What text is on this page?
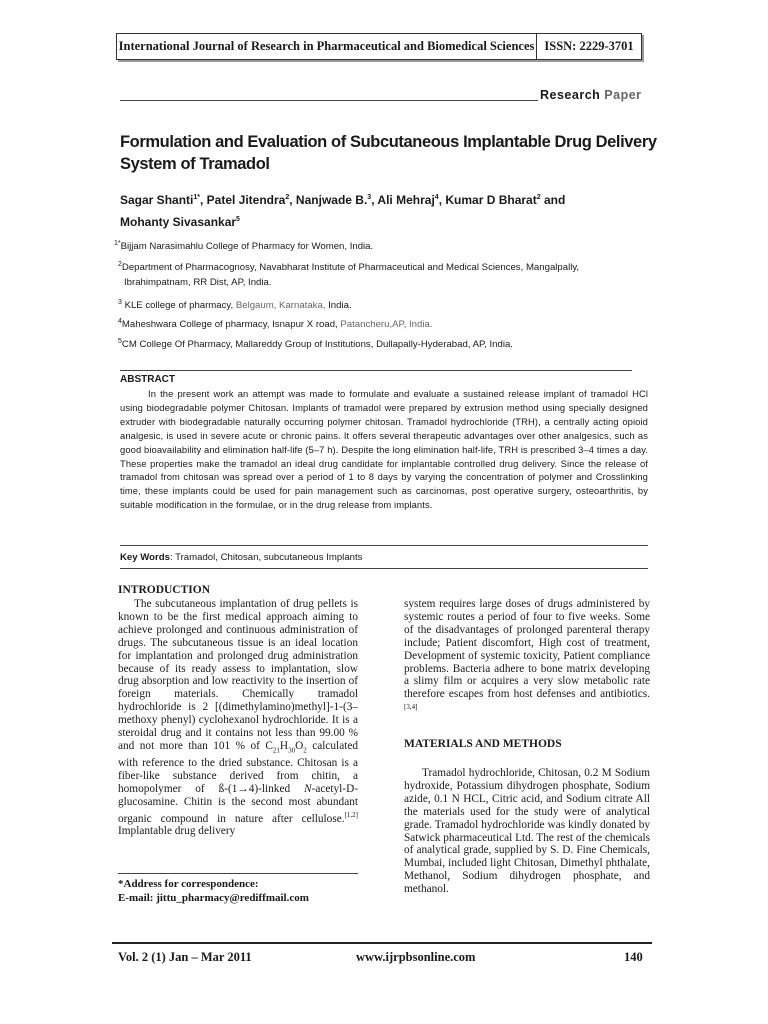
International Journal of Research in Pharmaceutical and Biomedical Sciences ISSN: 2229-3701
Research Paper
Formulation and Evaluation of Subcutaneous Implantable Drug Delivery System of Tramadol
Sagar Shanti$^{1*}$, Patel Jitendra$^2$, Nanjwade B.$^3$, Ali Mehraj$^4$, Kumar D Bharat$^2$ and
Mohanty Sivasankar$^5$
$^{1*}$Bijjam Narasimahlu College of Pharmacy for Women, India.
$^2$Department of Pharmacognosy, Navabharat Institute of Pharmaceutical and Medical Sciences, Mangalpally,
Ibrahimpatnam, RR Dist, AP, India.
$^3$ KLE college of pharmacy, Belgaum, Karnataka, India.
$^4$Maheshwara College of pharmacy, Isnapur X road, Patancheru,AP, India.
$^5$CM College Of Pharmacy, Mallareddy Group of Institutions, Dullapally-Hyderabad, AP, India.
ABSTRACT
In the present work an attempt was made to formulate and evaluate a sustained release implant of tramadol HCl using biodegradable polymer Chitosan. Implants of tramadol were prepared by extrusion method using specially designed extruder with biodegradable naturally occurring polymer chitosan. Tramadol hydrochloride (TRH), a centrally acting opioid analgesic, is used in severe acute or chronic pains. It offers several therapeutic advantages over other analgesics, such as good bioavailability and elimination half-life (5–7 h). Despite the long elimination half-life, TRH is prescribed 3–4 times a day. These properties make the tramadol an ideal drug candidate for implantable controlled drug delivery. Since the release of tramadol from chitosan was spread over a period of 1 to 8 days by varying the concentration of polymer and Crosslinking time, these implants could be used for pain management such as carcinomas, post operative surgery, osteoarthritis, by suitable modification in the formulae, or in the drug release from implants.
Key Words: Tramadol, Chitosan, subcutaneous Implants
INTRODUCTION
The subcutaneous implantation of drug pellets is known to be the first medical approach aiming to achieve prolonged and continuous administration of drugs. The subcutaneous tissue is an ideal location for implantation and prolonged drug administration because of its ready assess to implantation, slow drug absorption and low reactivity to the insertion of foreign materials. Chemically tramadol hydrochloride is 2 [(dimethylamino)methyl]-1-(3–methoxy phenyl) cyclohexanol hydrochloride. It is a steroidal drug and it contains not less than 99.00 % and not more than 101 % of $C_{21}H_{30}O_2$ calculated with reference to the dried substance. Chitosan is a fiber-like substance derived from chitin, a homopolymer of ß-(1→4)-linked N-acetyl-D-glucosamine. Chitin is the second most abundant organic compound in nature after cellulose.[1,2] Implantable drug delivery
*Address for correspondence:
E-mail: jittu_pharmacy@rediffmail.com
system requires large doses of drugs administered by systemic routes a period of four to five weeks. Some of the disadvantages of prolonged parenteral therapy include; Patient discomfort, High cost of treatment, Development of systemic toxicity, Patient compliance problems. Bacteria adhere to bone matrix developing a slimy film or acquires a very slow metabolic rate therefore escapes from host defenses and antibiotics.[3,4]
MATERIALS AND METHODS
Tramadol hydrochloride, Chitosan, 0.2 M Sodium hydroxide, Potassium dihydrogen phosphate, Sodium azide, 0.1 N HCL, Citric acid, and Sodium citrate All the materials used for the study were of analytical grade. Tramadol hydrochloride was kindly donated by Satwick pharmaceutical Ltd. The rest of the chemicals of analytical grade, supplied by S. D. Fine Chemicals, Mumbai, included light Chitosan, Dimethyl phthalate, Methanol, Sodium dihydrogen phosphate, and methanol.
Vol. 2 (1) Jan – Mar 2011	www.ijrpbsonline.com	140
